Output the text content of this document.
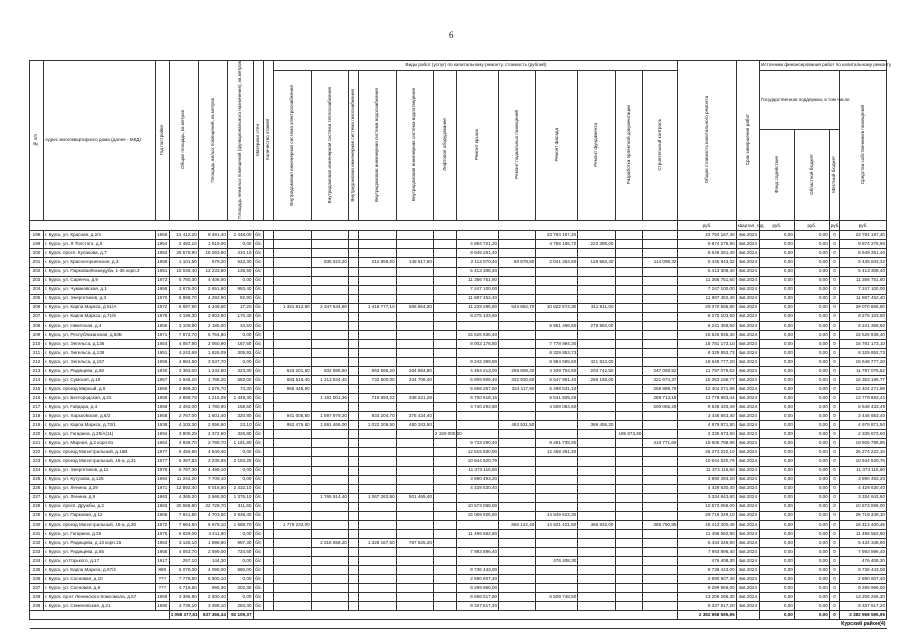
6
№ п/п	Адрес многоквартирного дома (далее - МКД)	Год постройки	Общая площадь, кв.метров	Площадь жилых помещений, кв.метров	Площадь нежилых помещений (функционального назначения), кв.метров	Материал стен	Количество этажей	Виды работ (услуг) по капитальному ремонту, стоимость (рублей)												Общая стоимость капитального ремонта	Срок завершения работ	Источники финансирования работ по капитальному ремонту			
								Внутридомовая инженерная система электроснабжения	Внутридомовая инженерная система теплоснабжения	Внутридомовая инженерная система газоснабжения	Внутридомовая инженерная система водоснабжения	Внутридомовая инженерная система водоотведения	Лифтовое оборудование	Ремонт крыши	Ремонт подвальных помещений	Ремонт фасада	Ремонт фундамента	Разработка проектной документации	Строительный контроль			Государственная поддержка, в том числе			Средства собственников помещений
																						Фонд содействия	Областной бюджет	Местный бюджет	
																				руб.	квартал, год	руб.	руб.	руб.	руб.
198	г. Курск, ул. Красная, д.2/4	1956	12 412,20	8 491,40	2 448,00	б/с										23 794 187,40				23 794 187,40	4кв.2024	0,00	0,00	0	23 794 187,40
199	г. Курск, ул. Л.Толстого, д.8	1954	2 482,10	1 619,00	0,00	б/с								4 894 701,20		4 756 185,70	223 389,00			9 874 275,90	4кв.2024	0,00	0,00	0	9 874 275,90
200	г. Курск, просп. Кулакова, д.7	1952	25 575,90	18 063,90	410,10	б/с								8 649 261,40						8 649 261,40	4кв.2024	0,00	0,00	0	8 649 261,40
201	г. Курск, ул. Красногорненская, д.3	1959	1 101,60	579,20	522,30	б/с			835 623,20		212 858,00	149 617,60		2 113 070,40	50 978,80	2 041 264,80	125 562,40		114 099,32	5 445 843,32	4кв.2024	0,00	0,00	0	5 445 843,32
202	г. Курск, ул. Парковая/Кожедуба, 1-36 корп.3	1951	15 045,40	12 233,60	135,50	б/с								5 413 308,40						5 413 308,40	4кв.2024	0,00	0,00	0	5 413 308,40
203	г. Курск, ул. Саренча, д.9	1973	5 780,30	4 406,00	0,00	б/с								11 356 751,60						11 356 751,60	4кв.2024	0,00	0,00	0	11 356 751,60
204	г. Курск, ул. Чумаковская, д.1	1959	3 675,00	2 651,60	993,40	б/с								7 247 100,00						7 247 100,00	4кв.2024	0,00	0,00	0	7 247 100,00
205	г. Курск, ул. Энергетиков, д.3	1970	5 999,70	4 292,90	82,90	б/с								11 887 452,40						11 887 452,40	4кв.2024	0,00	0,00	0	11 887 452,40
206	г. Курск, ул. Карла Маркса, д.51/А	1972	5 697,90	4 349,50	17,20	б/с		1 321 912,80	2 347 534,80		1 418 777,10	666 864,30		11 229 286,80	543 862,70	10 822 874,30	312 611,00			29 070 665,80	4кв.2024	0,00	0,00	0	29 070 665,80
207	г. Курск, ул. Карла Маркса, д.71/6	1978	4 196,30	3 803,90	170,30	б/с								8 275 103,60						8 275 103,60	4кв.2024	0,00	0,00	0	8 275 103,60
208	г. Курск, ул. Никитская, д.4	1956	3 109,80	2 185,00	34,50	б/с										5 961 496,60	279 862,00			6 241 358,60	4кв.2024	0,00	0,00	0	6 241 358,60
209	г. Курск, ул. Республиканская, д.50Б	1971	7 873,70	5 754,80	0,00	б/с								15 526 936,40						15 526 936,40	4кв.2024	0,00	0,00	0	15 526 936,40
210	г. Курск, ул. Энгельса, д.136	1954	4 057,80	2 060,90	167,60	б/с								8 002 178,80		7 778 994,30				15 781 173,10	4кв.2024	0,00	0,00	0	15 781 173,10
211	г. Курск, ул. Энгельса, д.138	1951	4 243,69	1 826,09	305,92	б/с										8 329 853,73				8 329 853,73	4кв.2024	0,00	0,00	0	8 329 853,73
212	г. Курск, ул. Энгельса, д.157	1959	4 684,50	3 537,70	0,00	б/с								9 242 399,80		8 984 595,60	421 812,00			18 648 777,20	4кв.2024	0,00	0,00	0	18 648 777,20
213	г. Курск, ул. Радищева, д.58	1940	3 363,00	1 242,80	323,30	б/с		523 201,60	932 685,60		563 666,20	264 864,60		4 464 213,00	255 809,40	4 339 704,60	203 742,50		247 058,52	11 797 075,62	4кв.2024	0,00	0,00	0	11 797 075,62
214	г. Курск, ул. Сумская, д.19	1957	2 946,20	1 788,20	583,00	б/с		683 516,40	1 213 834,40		733 600,00	344 708,40		5 809 906,40	332 920,60	5 647 861,40	265 158,00		321 674,37	15 353 186,77	4кв.2024	0,00	0,00	0	15 353 186,77
215	г. Курск, проезд Мирный, д.5	1956	2 869,30	1 576,70	74,30	б/с		965 445,60						5 656 267,60	324 117,90	5 498 531,10			259 889,78	12 404 271,98	4кв.2024	0,00	0,00	0	12 404 271,98
216	г. Курск, ул. Белгородская, д.22	1959	2 899,79	1 215,39	1 449,30	б/с			1 191 001,36		719 694,22	338 221,28		5 700 618,16		5 541 825,26			288 713,18	13 779 983,44	4кв.2024	0,00	0,00	0	13 779 983,44
217	г. Курск, ул. Гайдара, д.4	1958	2 493,00	1 780,90	158,50	б/с								4 740 293,60		4 608 084,60			200 055,29	9 548 433,49	4кв.2024	0,00	0,00	0	9 548 433,49
218	г. Курск, ул. Харьковская, д.6/2	1958	2 767,00	1 601,40	320,80	б/с		941 005,60	1 597 979,20		934 204,70	378 434,40								3 448 663,40	4кв.2024	0,00	0,00	0	3 448 663,40
219	г. Курск, ул. Карла Маркса, д.72/1	1939	4 103,30	2 556,80	23,10	б/с		952 476,80	1 691 466,00		1 022 209,50	480 343,50			463 921,50		369 455,20			4 979 871,50	4кв.2024	0,00	0,00	0	4 979 871,50
220	г. Курск, ул. Гагарина, д.25/А(11)	1994	3 806,29	2 372,60	326,80	б/с							2 150 000,00					185 673,60		2 335 673,60	4кв.2024	0,00	0,00	0	2 335 673,60
221	г. Курск, ул. Мирная, д.2 корп.61	1964	4 935,70	2 789,70	1 151,80	б/с								9 733 290,40		9 461 735,90			410 771,66	19 605 798,96	4кв.2024	0,00	0,00	0	19 605 798,96
222	г. Курск, проезд Магистральный, д.16В	1977	6 456,90	4 840,40	0,00	б/с								12 815 830,90		12 458 391,20				25 274 222,10	4кв.2024	0,00	0,00	0	25 274 222,10
223	г. Курск, проезд Магистральный, 16-а, д.31	1977	5 397,83	3 235,85	2 193,25	б/с								10 644 520,76						10 644 520,76	4кв.2024	0,00	0,00	0	10 644 520,76
224	г. Курск, ул. Энергетиков, д.11	1978	5 767,30	4 499,10	0,00	б/с								11 373 115,60						11 373 115,60	4кв.2024	0,00	0,00	0	11 373 115,60
225	г. Курск, ул. Кутузова, д.125	1994	11 244,20	7 709,10	0,00	б/с								3 890 493,20						3 890 493,20	4кв.2024	0,00	0,00	0	3 890 493,20
226	г. Курск, ул. Ленина, д.29	1971	12 892,40	9 016,50	2 432,10	б/с								4 429 630,40						4 429 630,40	4кв.2024	0,00	0,00	0	4 429 630,40
227	г. Курск, ул. Ленина, д.9	1963	4 365,20	2 568,00	1 375,10	б/с			1 765 914,40		1 067 263,80	501 465,40								3 334 643,60	4кв.2024	0,00	0,00	0	3 334 643,60
228	г. Курск, просп. Дружбы, д.2	1983	30 558,80	22 728,70	311,60	б/с								10 573 068,00						10 573 068,00	4кв.2024	0,00	0,00	0	10 573 068,00
229	г. Курск, ул. Парковая, д.12	1966	7 641,80	4 703,50	2 938,40	б/с								15 069 826,80		14 649 522,30				29 719 349,10	4кв.2024	0,00	0,00	0	29 719 349,10
230	г. Курск, проезд Магистральный, 18-а, д.30	1972	7 664,60	5 976,10	1 688,70	б/с		1 776 233,00							866 122,40	14 621 421,60	469 832,00		385 790,85	18 413 400,45	4кв.2024	0,00	0,00	0	18 413 400,45
231	г. Курск, ул. Гагарина, д.28	1975	5 829,00	4 411,80	0,00	б/с								11 496 562,80						11 496 562,80	4кв.2024	0,00	0,00	0	11 496 562,80
232	г. Курск, ул. Радищева, д.13 корп.15	1953	3 125,10	1 898,80	997,30	б/с			2 318 658,20		1 328 167,50	787 525,20								5 434 348,90	4кв.2024	0,00	0,00	0	5 434 348,90
233	г. Курск, ул. Радищева, д.55	1955	4 053,70	2 599,00	734,60	б/с								7 993 896,40						7 993 896,40	4кв.2024	0,00	0,00	0	7 993 896,40
234	г. Курск, ул.Горького, д.17	1917	257,10	144,30	0,00	б/с										476 408,30				476 408,30	4кв.2024	0,00	0,00	0	476 408,30
235	г. Курск, ул. Карла Маркса, д.67/2	889	5 079,00	4 099,00	880,00	б/с								9 736 443,00						9 736 443,00	4кв.2024	0,00	0,00	0	9 736 443,00
236	г. Курск, ул. Сосновая, д.10	???	7 776,90	5 900,10	0,00	б/с								2 690 607,40						2 690 607,40	4кв.2024	0,00	0,00	0	2 690 607,40
237	г. Курск, ул. Сосновая, д.9	???	4 715,60	995,30	202,30	б/с								9 299 966,00						9 299 966,00	4кв.2024	0,00	0,00	0	9 299 966,00
238	г. Курск, пр-кт Ленинского Комсомола, д.57	1969	3 395,80	2 500,40	0,00	б/с								6 696 517,80		6 509 748,50				13 206 266,30	4кв.2024	0,00	0,00	0	13 206 266,30
239	г. Курск, ул. Семеновская, д.21	1990	4 735,10	3 398,10	283,30	б/с								9 337 617,20						9 337 617,20	4кв.2024	0,00	0,00	0	9 337 617,20
			1 058 377,81	637 366,34	92 109,37															2 382 968 595,95		0,00	0,00	0	2 382 968 595,95
Курский район(4)																									
